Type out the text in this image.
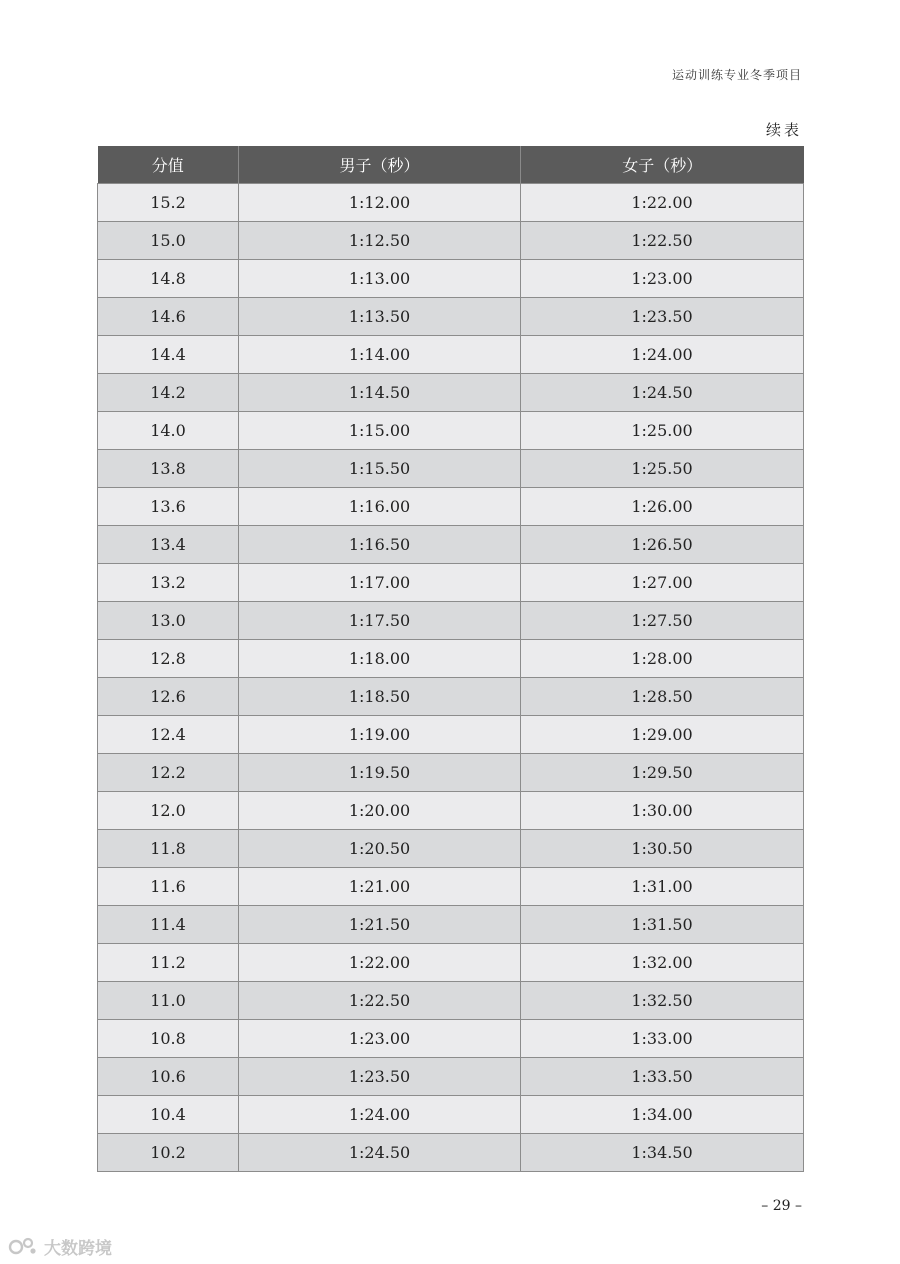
运动训练专业冬季项目
续表
分值	男子（秒）	女子（秒）
15.2	1:12.00	1:22.00
15.0	1:12.50	1:22.50
14.8	1:13.00	1:23.00
14.6	1:13.50	1:23.50
14.4	1:14.00	1:24.00
14.2	1:14.50	1:24.50
14.0	1:15.00	1:25.00
13.8	1:15.50	1:25.50
13.6	1:16.00	1:26.00
13.4	1:16.50	1:26.50
13.2	1:17.00	1:27.00
13.0	1:17.50	1:27.50
12.8	1:18.00	1:28.00
12.6	1:18.50	1:28.50
12.4	1:19.00	1:29.00
12.2	1:19.50	1:29.50
12.0	1:20.00	1:30.00
11.8	1:20.50	1:30.50
11.6	1:21.00	1:31.00
11.4	1:21.50	1:31.50
11.2	1:22.00	1:32.00
11.0	1:22.50	1:32.50
10.8	1:23.00	1:33.00
10.6	1:23.50	1:33.50
10.4	1:24.00	1:34.00
10.2	1:24.50	1:34.50
– 29 –
大数跨境
